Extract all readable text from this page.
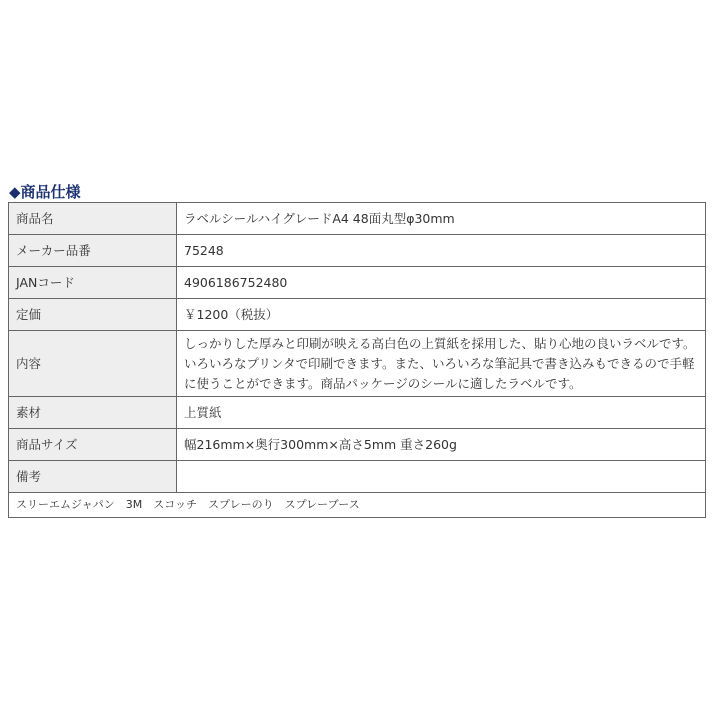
◆商品仕様
商品名	ラベルシールハイグレードA4 48面丸型φ30mm
メーカー品番	75248
JANコード	4906186752480
定価	￥1200（税抜）
内容	しっかりした厚みと印刷が映える高白色の上質紙を採用した、貼り心地の良いラベルです。いろいろなプリンタで印刷できます。また、いろいろな筆記具で書き込みもできるので手軽に使うことができます。商品パッケージのシールに適したラベルです。
素材	上質紙
商品サイズ	幅216mm×奥行300mm×高さ5mm 重さ260g
備考	
スリーエムジャパン　3M　スコッチ　スプレーのり　スプレーブース	
